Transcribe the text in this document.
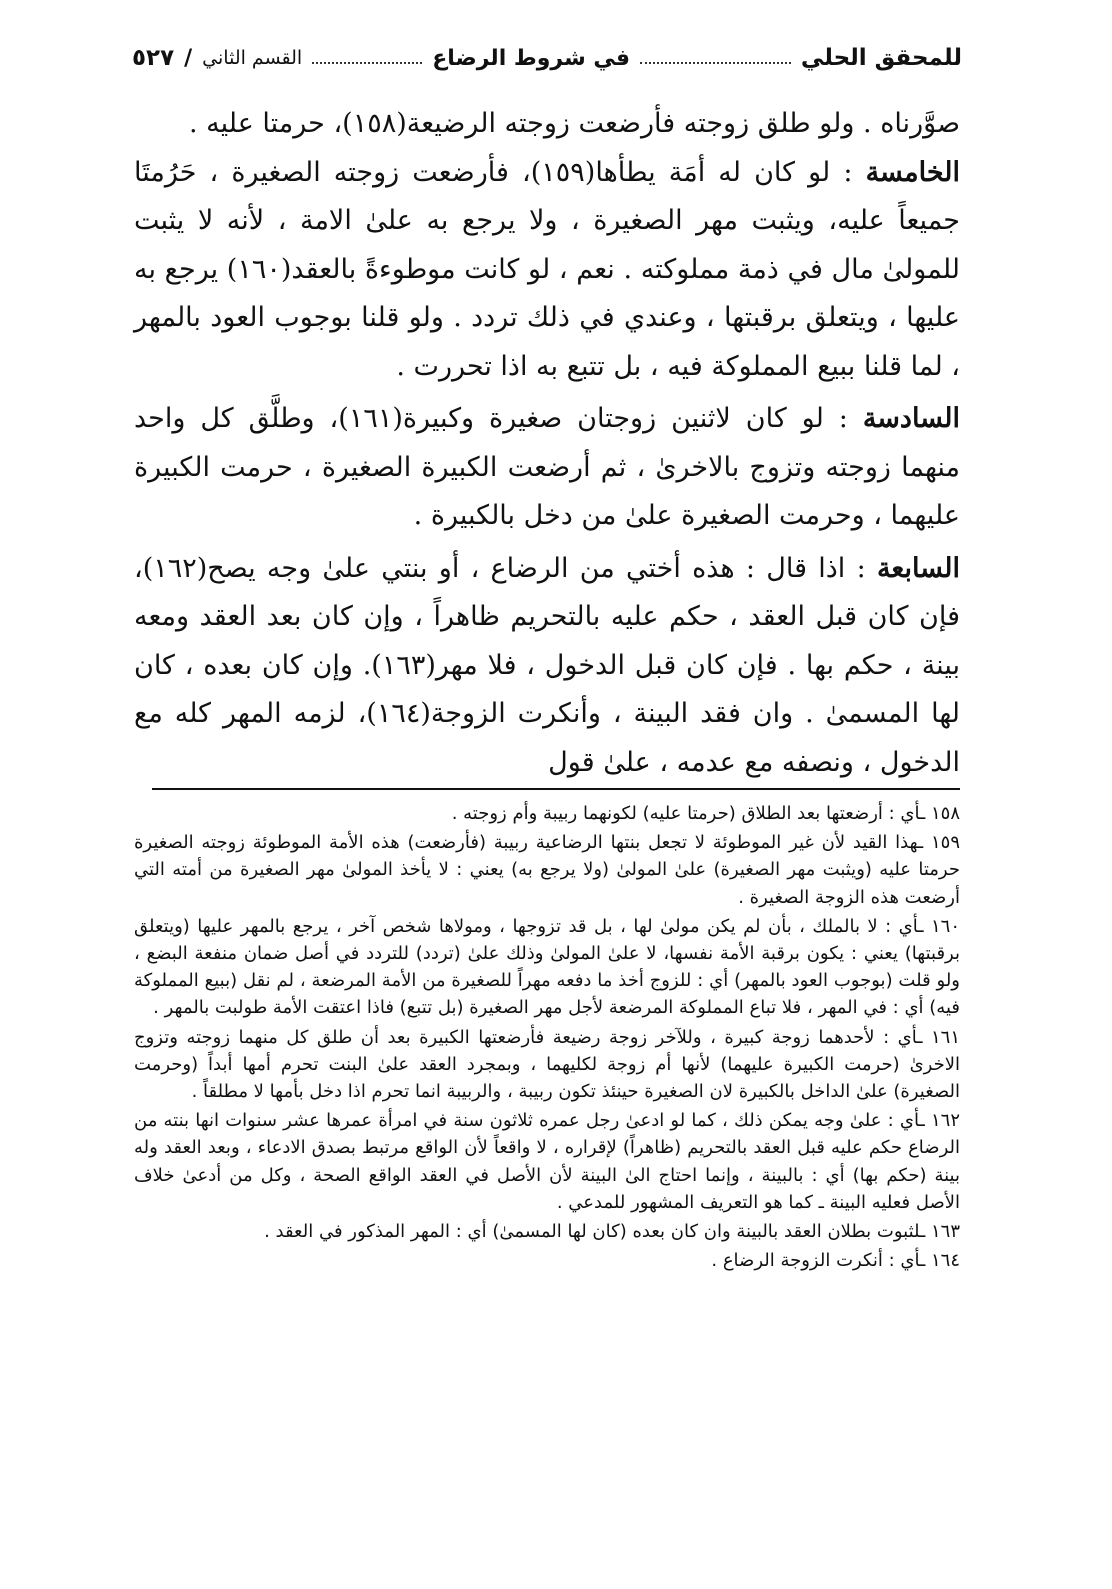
للمحقق الحلي
في شروط الرضاع
القسم الثاني
/
٥٢٧

صوَّرناه . ولو طلق زوجته فأرضعت زوجته الرضيعة(١٥٨)، حرمتا عليه .

الخامسة : لو كان له أمَة يطأها(١٥٩)، فأرضعت زوجته الصغيرة ، حَرُمتَا جميعاً عليه، ويثبت مهر الصغيرة ، ولا يرجع به علىٰ الامة ، لأنه لا يثبت للمولىٰ مال في ذمة مملوكته . نعم ، لو كانت موطوءةً بالعقد(١٦٠) يرجع به عليها ، ويتعلق برقبتها ، وعندي في ذلك تردد . ولو قلنا بوجوب العود بالمهر ، لما قلنا ببيع المملوكة فيه ، بل تتبع به اذا تحررت .

السادسة : لو كان لاثنين زوجتان صغيرة وكبيرة(١٦١)، وطلَّق كل واحد منهما زوجته وتزوج بالاخرىٰ ، ثم أرضعت الكبيرة الصغيرة ، حرمت الكبيرة عليهما ، وحرمت الصغيرة علىٰ من دخل بالكبيرة .

السابعة : اذا قال : هذه أختي من الرضاع ، أو بنتي علىٰ وجه يصح(١٦٢)، فإن كان قبل العقد ، حكم عليه بالتحريم ظاهراً ، وإن كان بعد العقد ومعه بينة ، حكم بها . فإن كان قبل الدخول ، فلا مهر(١٦٣). وإن كان بعده ، كان لها المسمىٰ . وان فقد البينة ، وأنكرت الزوجة(١٦٤)، لزمه المهر كله مع الدخول ، ونصفه مع عدمه ، علىٰ قول

١٥٨ ـأي : أرضعتها بعد الطلاق (حرمتا عليه) لكونهما ربيبة وأم زوجته .

١٥٩ ـهذا القيد لأن غير الموطوئة لا تجعل بنتها الرضاعية ربيبة (فأرضعت) هذه الأمة الموطوئة زوجته الصغيرة حرمتا عليه (ويثبت مهر الصغيرة) علىٰ المولىٰ (ولا يرجع به) يعني : لا يأخذ المولىٰ مهر الصغيرة من أمته التي أرضعت هذه الزوجة الصغيرة .

١٦٠ ـأي : لا بالملك ، بأن لم يكن مولىٰ لها ، بل قد تزوجها ، ومولاها شخص آخر ، يرجع بالمهر عليها (ويتعلق برقبتها) يعني : يكون برقبة الأمة نفسها، لا علىٰ المولىٰ وذلك علىٰ (تردد) للتردد في أصل ضمان منفعة البضع ، ولو قلت (بوجوب العود بالمهر) أي : للزوج أخذ ما دفعه مهراً للصغيرة من الأمة المرضعة ، لم نقل (ببيع المملوكة فيه) أي : في المهر ، فلا تباع المملوكة المرضعة لأجل مهر الصغيرة (بل تتبع) فاذا اعتقت الأمة طولبت بالمهر .

١٦١ ـأي : لأحدهما زوجة كبيرة ، وللآخر زوجة رضيعة فأرضعتها الكبيرة بعد أن طلق كل منهما زوجته وتزوج الاخرىٰ (حرمت الكبيرة عليهما) لأنها أم زوجة لكليهما ، وبمجرد العقد علىٰ البنت تحرم أمها أبداً (وحرمت الصغيرة) علىٰ الداخل بالكبيرة لان الصغيرة حينئذ تكون ربيبة ، والربيبة انما تحرم اذا دخل بأمها لا مطلقاً .

١٦٢ ـأي : علىٰ وجه يمكن ذلك ، كما لو ادعىٰ رجل عمره ثلاثون سنة في امرأة عمرها عشر سنوات انها بنته من الرضاع حكم عليه قبل العقد بالتحريم (ظاهراً) لإقراره ، لا واقعاً لأن الواقع مرتبط بصدق الادعاء ، وبعد العقد وله بينة (حكم بها) أي : بالبينة ، وإنما احتاج الىٰ البينة لأن الأصل في العقد الواقع الصحة ، وكل من أدعىٰ خلاف الأصل فعليه البينة ـ كما هو التعريف المشهور للمدعي .

١٦٣ ـلثبوت بطلان العقد بالبينة وان كان بعده (كان لها المسمىٰ) أي : المهر المذكور في العقد .

١٦٤ ـأي : أنكرت الزوجة الرضاع .
